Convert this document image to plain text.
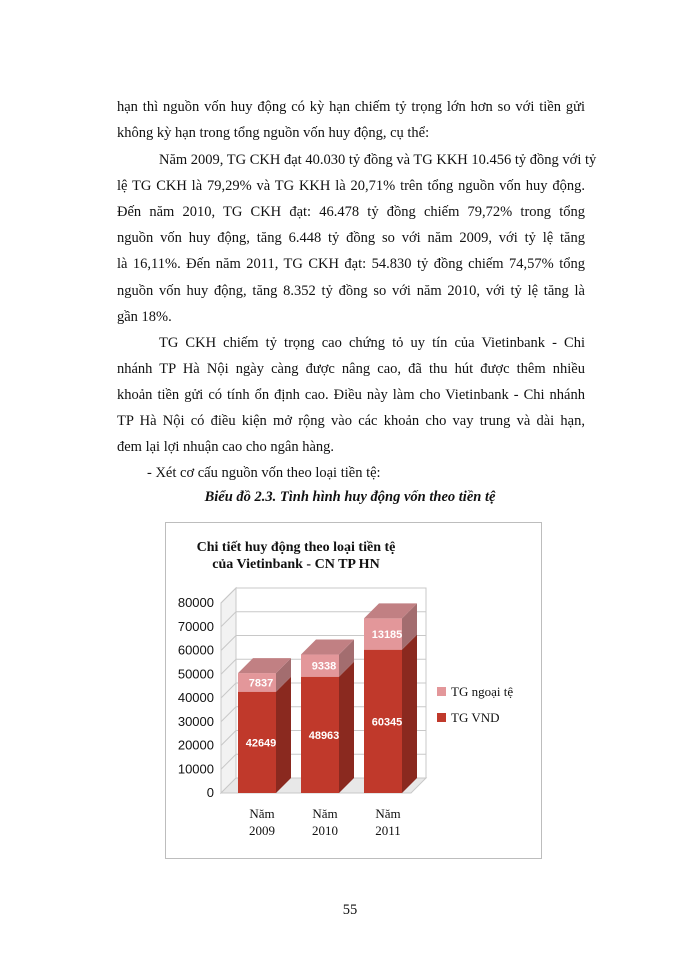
hạn thì nguồn vốn huy động có kỳ hạn chiếm tỷ trọng lớn hơn so với tiền gửi
không kỳ hạn trong tổng nguồn vốn huy động, cụ thể:
Năm 2009, TG CKH đạt 40.030 tỷ đồng và TG KKH 10.456 tỷ đồng với tỷ
lệ TG CKH là 79,29% và TG KKH là 20,71% trên tổng nguồn vốn huy động.
Đến năm 2010, TG CKH đạt: 46.478 tỷ đồng chiếm 79,72% trong tổng
nguồn vốn huy động, tăng 6.448 tỷ đồng so với năm 2009, với tỷ lệ tăng
là 16,11%. Đến năm 2011, TG CKH đạt: 54.830 tỷ đồng chiếm 74,57% tổng
nguồn vốn huy động, tăng 8.352 tỷ đồng so với năm 2010, với tỷ lệ tăng là
gần 18%.
TG CKH chiếm tỷ trọng cao chứng tỏ uy tín của Vietinbank - Chi
nhánh TP Hà Nội ngày càng được nâng cao, đã thu hút được thêm nhiều
khoản tiền gửi có tính ổn định cao. Điều này làm cho Vietinbank - Chi nhánh
TP Hà Nội có điều kiện mở rộng vào các khoản cho vay trung và dài hạn,
đem lại lợi nhuận cao cho ngân hàng.
- Xét cơ cấu nguồn vốn theo loại tiền tệ:
Biểu đồ 2.3. Tình hình huy động vốn theo tiền tệ
Chi tiết huy động theo loại tiền tệ
của Vietinbank - CN TP HN
0
10000
20000
30000
40000
50000
60000
70000
80000
42649
7837
Năm
2009
48963
9338
Năm
2010
60345
13185
Năm
2011
TG ngoại tệ
TG VND
55
